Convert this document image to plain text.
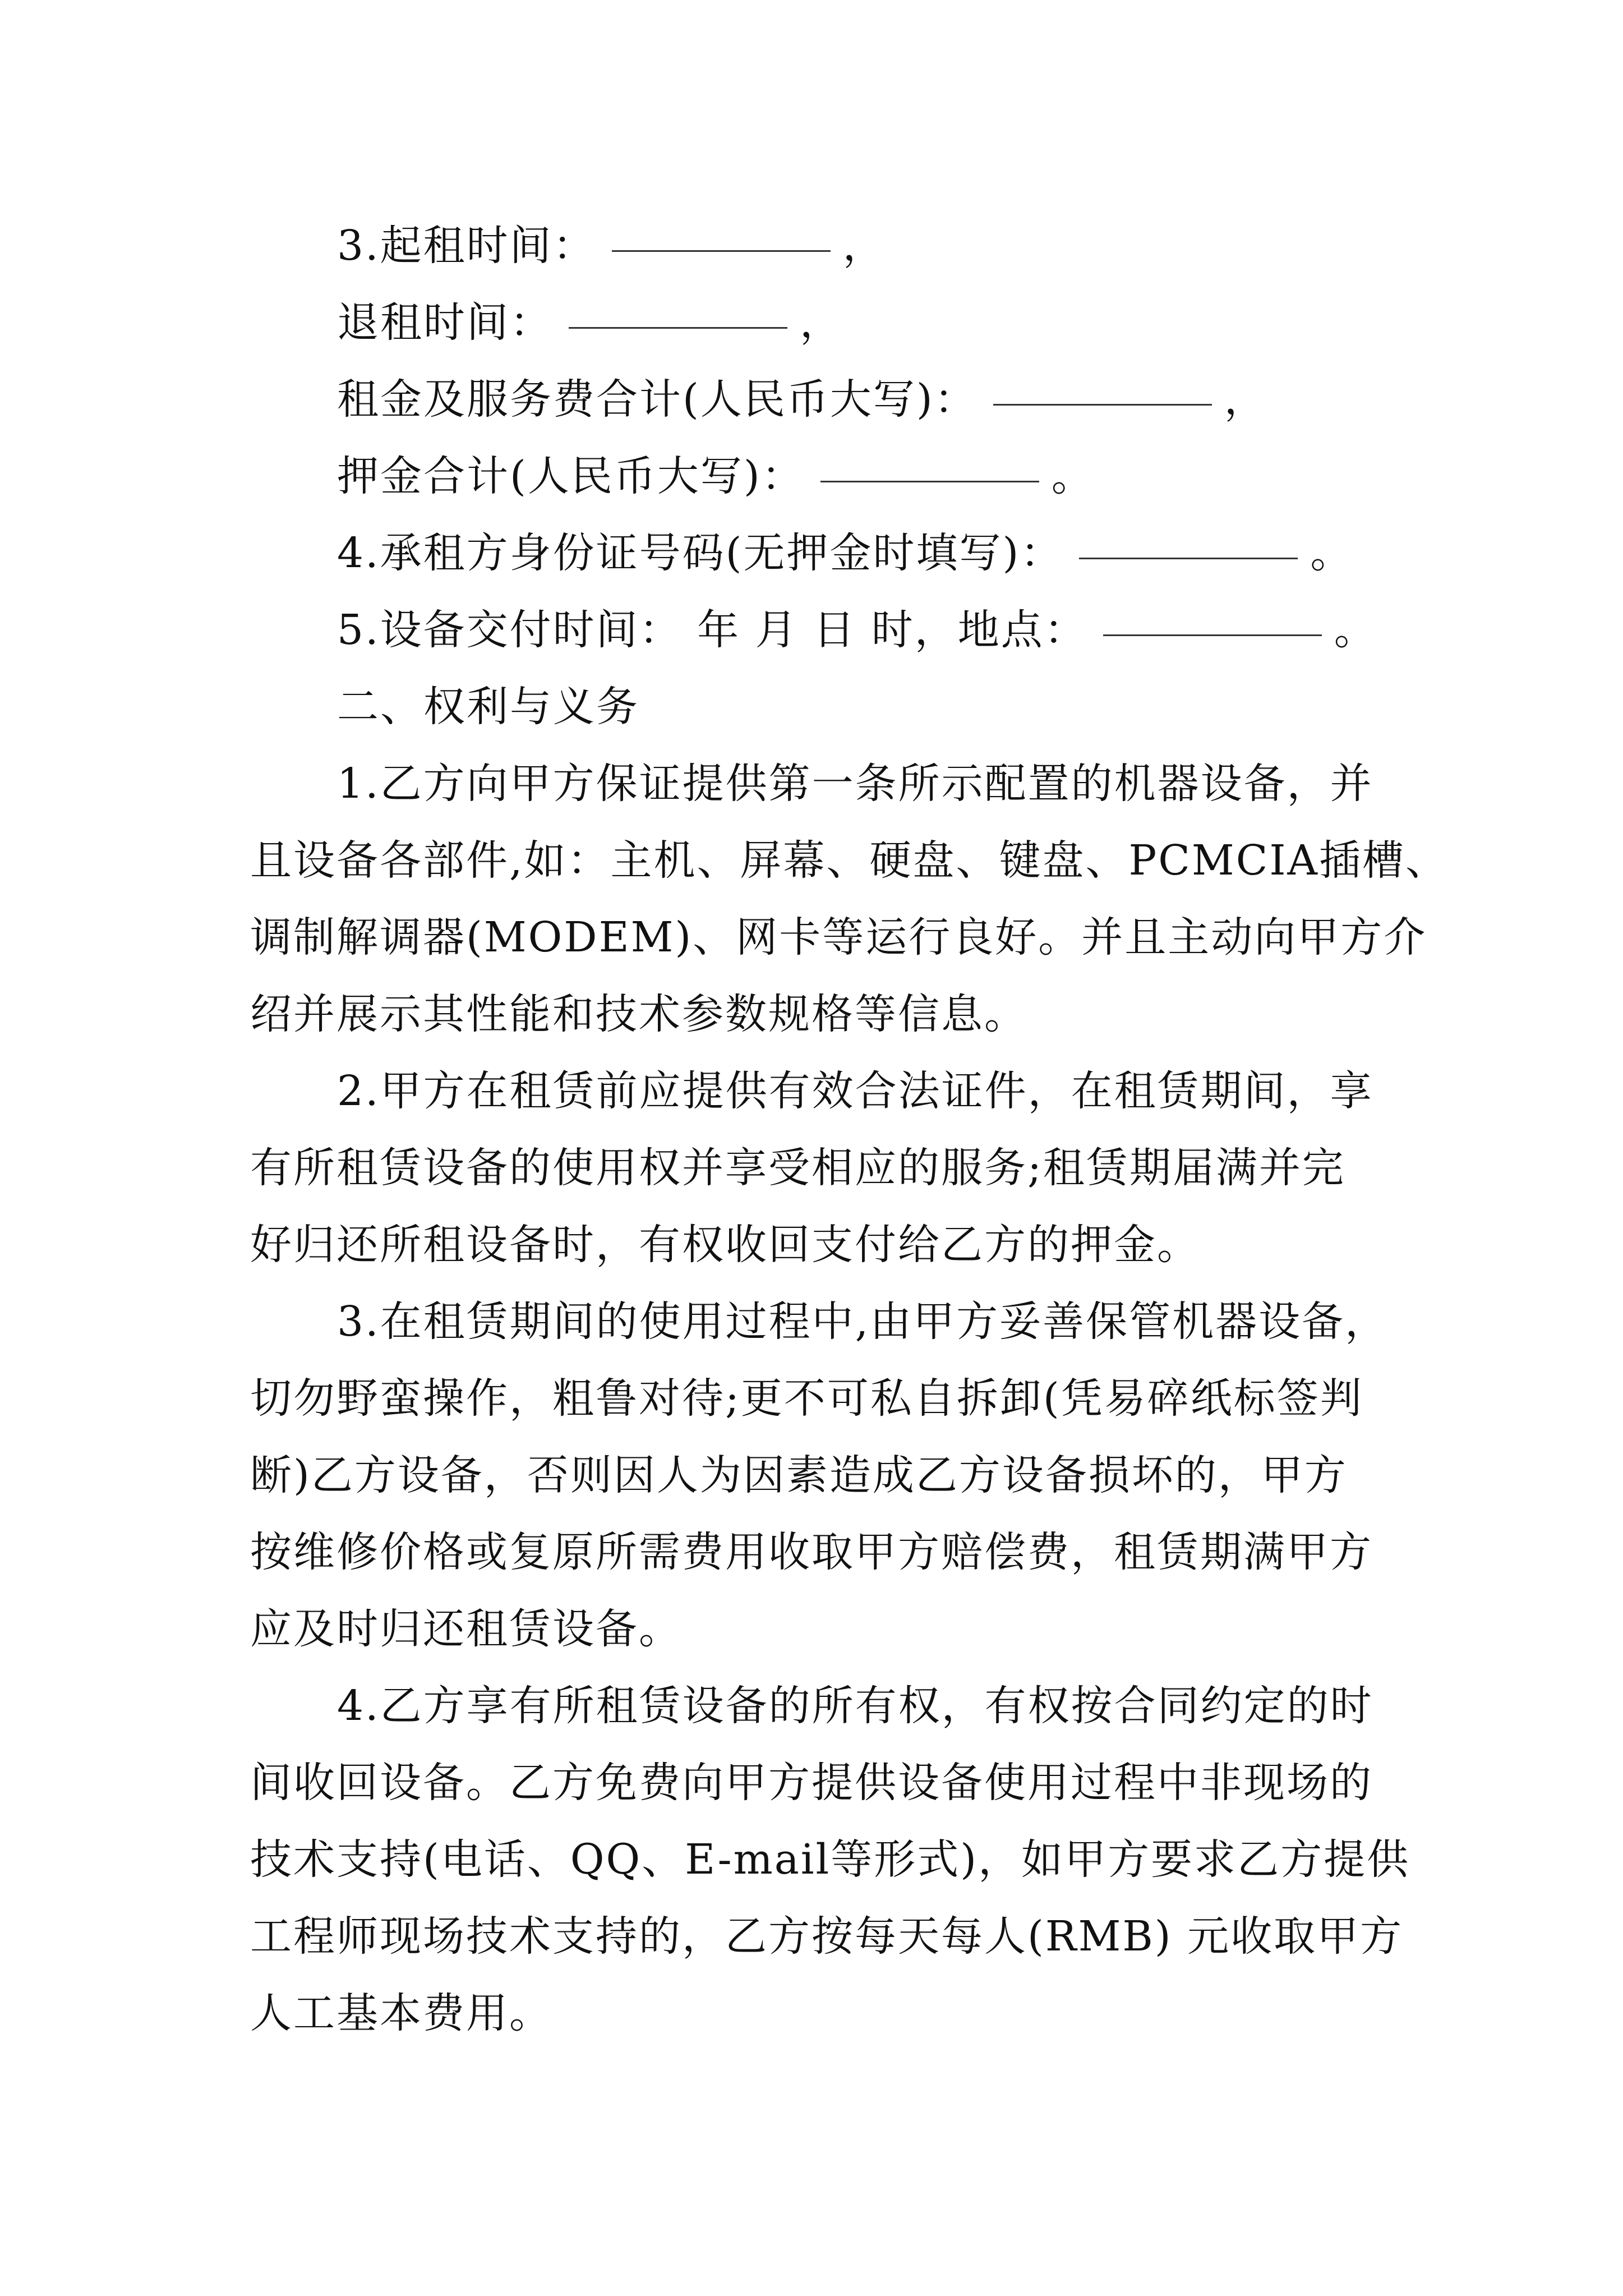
3.起租时间：	，
退租时间：	，
租金及服务费合计(人民币大写)：	，
押金合计(人民币大写)：	。
4.承租方身份证号码(无押金时填写)：	。
5.设备交付时间： 年 月 日 时，地点：	。
二、权利与义务
1.乙方向甲方保证提供第一条所示配置的机器设备，并
且设备各部件,如：主机、屏幕、硬盘、键盘、PCMCIA插槽、
调制解调器(MODEM)、网卡等运行良好。并且主动向甲方介
绍并展示其性能和技术参数规格等信息。
2.甲方在租赁前应提供有效合法证件，在租赁期间，享
有所租赁设备的使用权并享受相应的服务;租赁期届满并完
好归还所租设备时，有权收回支付给乙方的押金。
3.在租赁期间的使用过程中,由甲方妥善保管机器设备，
切勿野蛮操作，粗鲁对待;更不可私自拆卸(凭易碎纸标签判
断)乙方设备，否则因人为因素造成乙方设备损坏的，甲方
按维修价格或复原所需费用收取甲方赔偿费，租赁期满甲方
应及时归还租赁设备。
4.乙方享有所租赁设备的所有权，有权按合同约定的时
间收回设备。乙方免费向甲方提供设备使用过程中非现场的
技术支持(电话、QQ、E-mail等形式)，如甲方要求乙方提供
工程师现场技术支持的，乙方按每天每人(RMB) 元收取甲方
人工基本费用。
